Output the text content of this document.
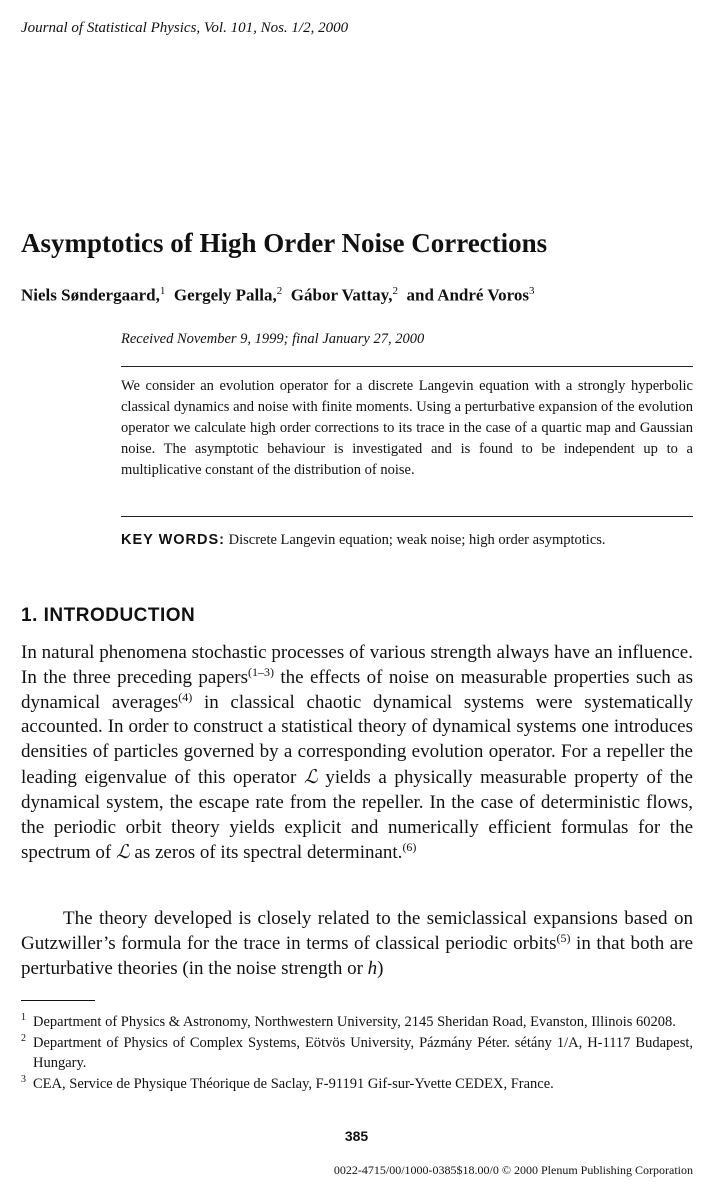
Journal of Statistical Physics, Vol. 101, Nos. 1/2, 2000
Asymptotics of High Order Noise Corrections
Niels Søndergaard,$^1$ Gergely Palla,$^2$ Gábor Vattay,$^2$ and André Voros$^3$
Received November 9, 1999; final January 27, 2000
We consider an evolution operator for a discrete Langevin equation with a strongly hyperbolic classical dynamics and noise with finite moments. Using a perturbative expansion of the evolution operator we calculate high order corrections to its trace in the case of a quartic map and Gaussian noise. The asymptotic behaviour is investigated and is found to be independent up to a multiplicative constant of the distribution of noise.
KEY WORDS: Discrete Langevin equation; weak noise; high order asymptotics.
1. INTRODUCTION

In natural phenomena stochastic processes of various strength always have an influence. In the three preceding papers$^{(1-3)}$ the effects of noise on measurable properties such as dynamical averages$^{(4)}$ in classical chaotic dynamical systems were systematically accounted. In order to construct a statistical theory of dynamical systems one introduces densities of particles governed by a corresponding evolution operator. For a repeller the leading eigenvalue of this operator ℒ yields a physically measurable property of the dynamical system, the escape rate from the repeller. In the case of deterministic flows, the periodic orbit theory yields explicit and numerically efficient formulas for the spectrum of ℒ as zeros of its spectral determinant.$^{(6)}$

The theory developed is closely related to the semiclassical expansions based on Gutzwiller’s formula for the trace in terms of classical periodic orbits$^{(5)}$ in that both are perturbative theories (in the noise strength or h)

1 Department of Physics & Astronomy, Northwestern University, 2145 Sheridan Road, Evanston, Illinois 60208.
2 Department of Physics of Complex Systems, Eötvös University, Pázmány Péter. sétány 1/A, H-1117 Budapest, Hungary.
3 CEA, Service de Physique Théorique de Saclay, F-91191 Gif-sur-Yvette CEDEX, France.
385
0022-4715/00/1000-0385$18.00/0 © 2000 Plenum Publishing Corporation
